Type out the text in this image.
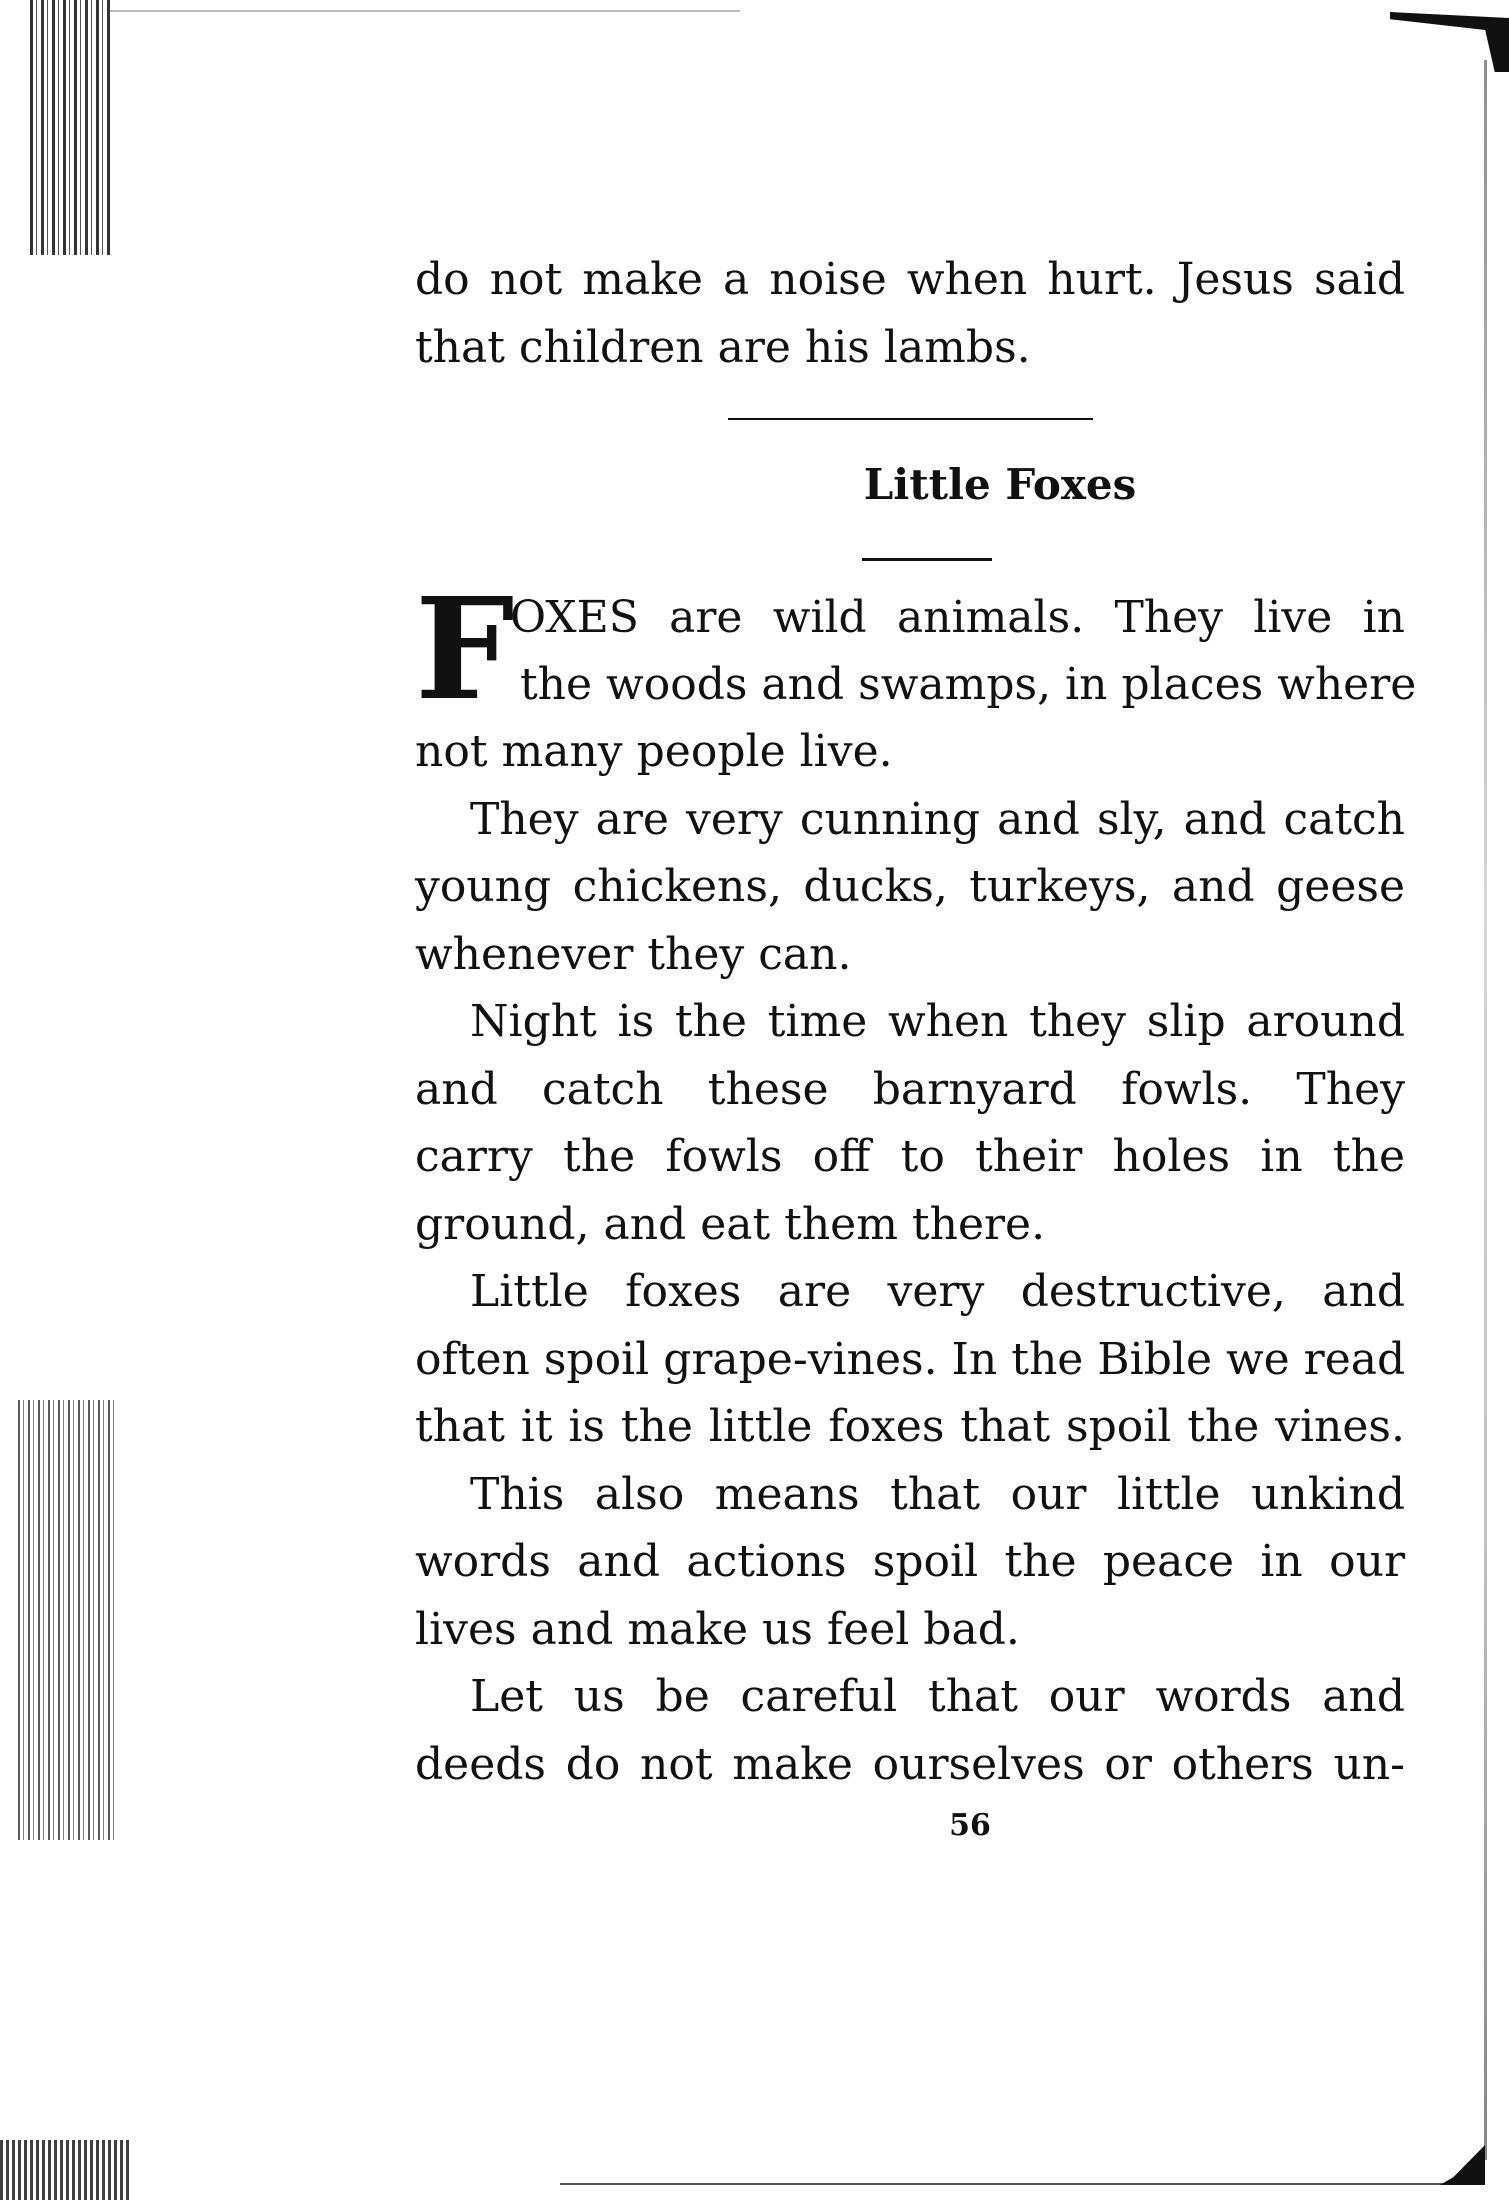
do not make a noise when hurt. Jesus said
that children are his lambs.
Little Foxes
F
OXES are wild animals. They live in
the woods and swamps, in places where
not many people live.
They are very cunning and sly, and catch
young chickens, ducks, turkeys, and geese
whenever they can.
Night is the time when they slip around
and catch these barnyard fowls. They
carry the fowls off to their holes in the
ground, and eat them there.
Little foxes are very destructive, and
often spoil grape-vines. In the Bible we read
that it is the little foxes that spoil the vines.
This also means that our little unkind
words and actions spoil the peace in our
lives and make us feel bad.
Let us be careful that our words and
deeds do not make ourselves or others un-
56
